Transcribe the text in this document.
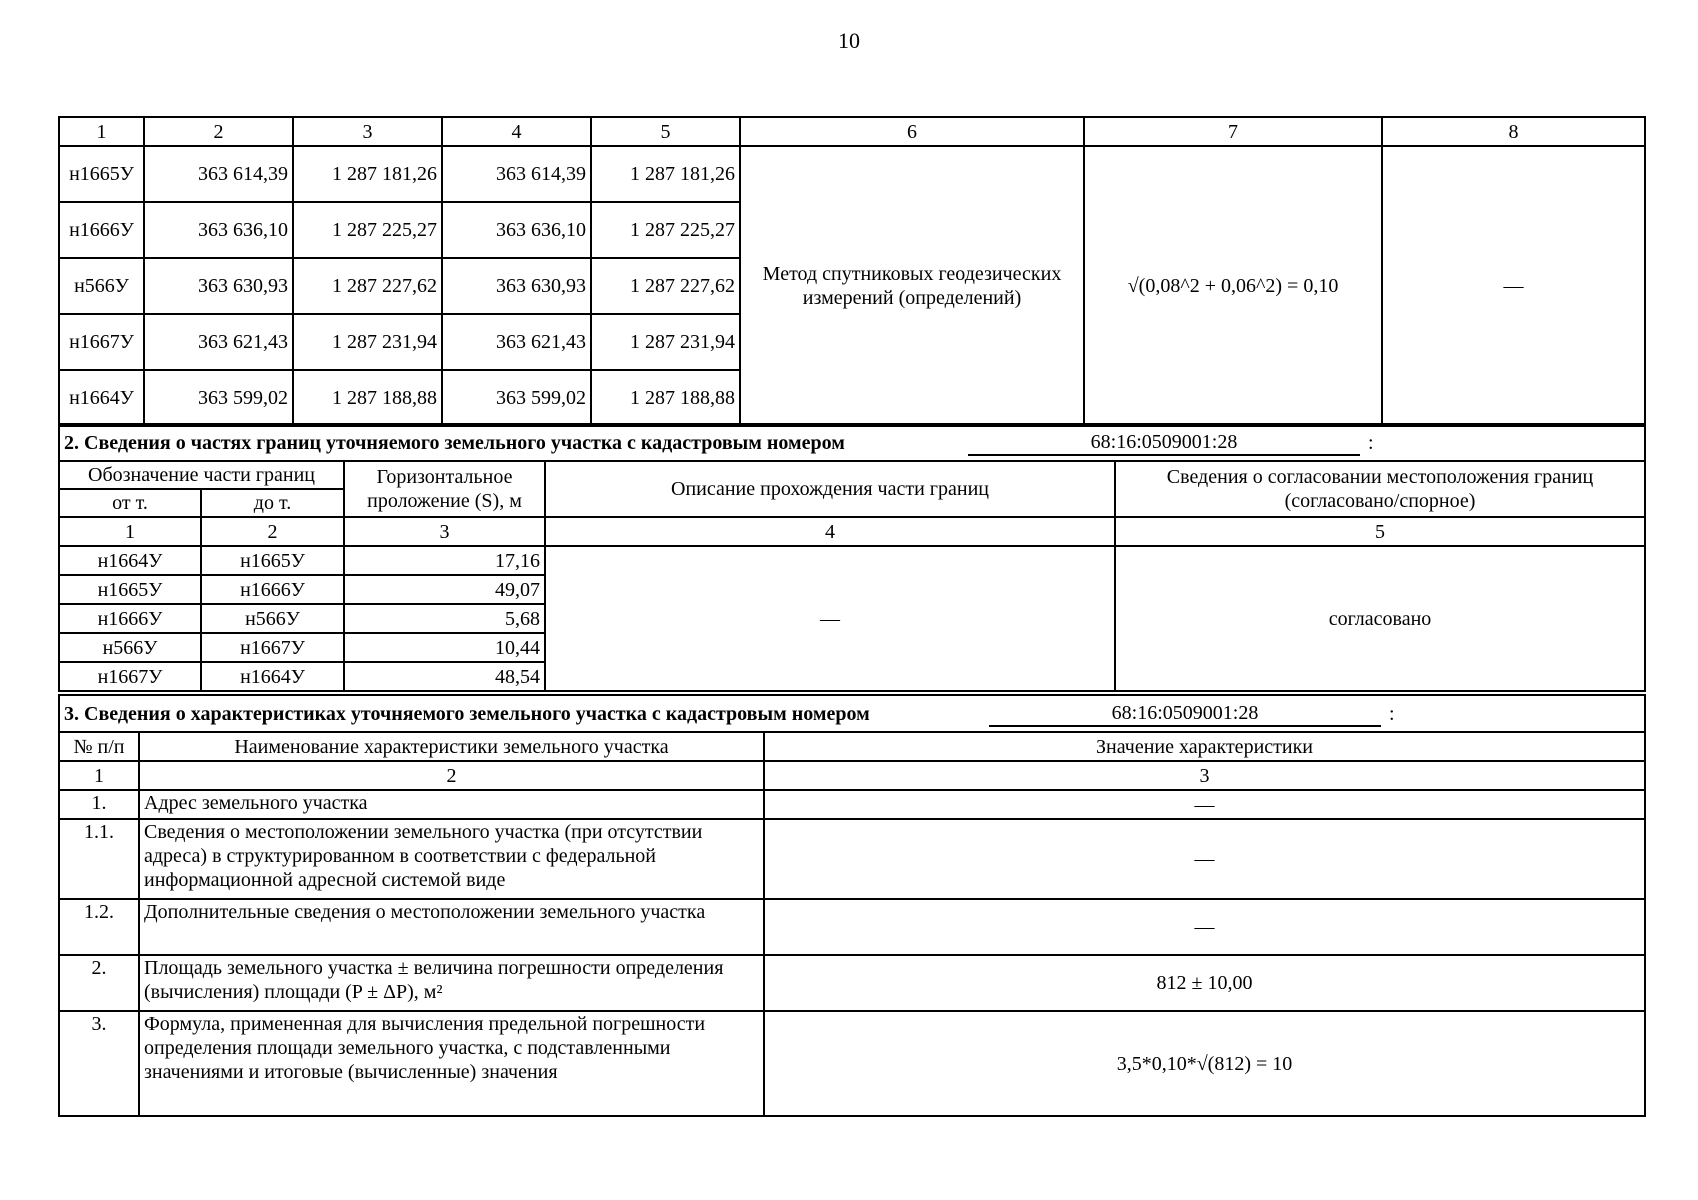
10
1	2	3	4	5	6	7	8
н1665У	363 614,39	1 287 181,26	363 614,39	1 287 181,26	Метод спутниковых геодезических измерений (определений)	√(0,08^2 + 0,06^2) = 0,10	—
н1666У	363 636,10	1 287 225,27	363 636,10	1 287 225,27			
н566У	363 630,93	1 287 227,62	363 630,93	1 287 227,62			
н1667У	363 621,43	1 287 231,94	363 621,43	1 287 231,94			
н1664У	363 599,02	1 287 188,88	363 599,02	1 287 188,88			
2. Сведения о частях границ уточняемого земельного участка с кадастровым номером	68:16:0509001:28	:
Обозначение части границ		Горизонтальное проложение (S), м	Описание прохождения части границ	Сведения о согласовании местоположения границ (согласовано/спорное)
от т.	до т.			
1	2	3	4	5
н1664У	н1665У	17,16	—	согласовано
н1665У	н1666У	49,07		
н1666У	н566У	5,68		
н566У	н1667У	10,44		
н1667У	н1664У	48,54		
3. Сведения о характеристиках уточняемого земельного участка с кадастровым номером	68:16:0509001:28	:
№ п/п	Наименование характеристики земельного участка	Значение характеристики
1	2	3
1.	Адрес земельного участка	—
1.1.	Сведения о местоположении земельного участка (при отсутствии адреса) в структурированном в соответствии с федеральной информационной адресной системой виде	—
1.2.	Дополнительные сведения о местоположении земельного участка	—
2.	Площадь земельного участка ± величина погрешности определения (вычисления) площади (P ± ΔP), м²	812 ± 10,00
3.	Формула, примененная для вычисления предельной погрешности определения площади земельного участка, с подставленными значениями и итоговые (вычисленные) значения	3,5*0,10*√(812) = 10
